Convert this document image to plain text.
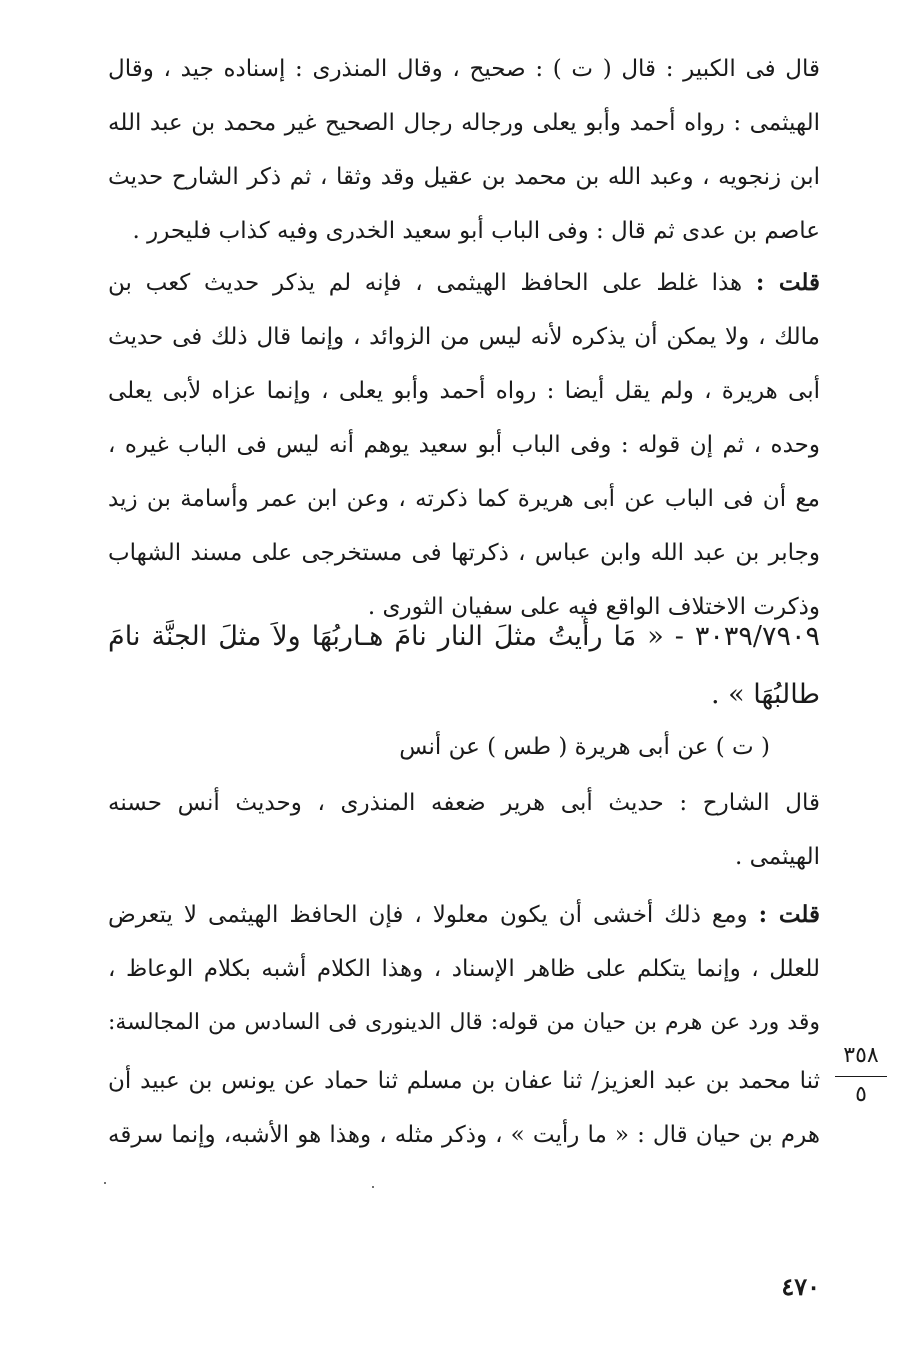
قال فى الكبير : قال ( ت ) : صحيح ، وقال المنذرى : إسناده جيد ، وقال
الهيثمى : رواه أحمد وأبو يعلى ورجاله رجال الصحيح غير محمد بن عبد الله
ابن زنجويه ، وعبد الله بن محمد بن عقيل وقد وثقا ، ثم ذكر الشارح حديث
عاصم بن عدى ثم قال : وفى الباب أبو سعيد الخدرى وفيه كذاب فليحرر .
قلت : هذا غلط على الحافظ الهيثمى ، فإنه لم يذكر حديث كعب بن
مالك ، ولا يمكن أن يذكره لأنه ليس من الزوائد ، وإنما قال ذلك فى حديث
أبى هريرة ، ولم يقل أيضا : رواه أحمد وأبو يعلى ، وإنما عزاه لأبى يعلى
وحده ، ثم إن قوله : وفى الباب أبو سعيد يوهم أنه ليس فى الباب غيره ،
مع أن فى الباب عن أبى هريرة كما ذكرته ، وعن ابن عمر وأسامة بن زيد
وجابر بن عبد الله وابن عباس ، ذكرتها فى مستخرجى على مسند الشهاب
وذكرت الاختلاف الواقع فيه على سفيان الثورى .
٣٠٣٩/٧٩٠٩ - « مَا رأيتُ مثلَ النار نامَ هـاربُهَا ولاَ مثلَ الجنَّة نامَ
طالبُهَا » .
( ت ) عن أبى هريرة ( طس ) عن أنس
قال الشارح : حديث أبى هرير ضعفه المنذرى ، وحديث أنس حسنه
الهيثمى .
قلت : ومع ذلك أخشى أن يكون معلولا ، فإن الحافظ الهيثمى لا يتعرض
للعلل ، وإنما يتكلم على ظاهر الإسناد ، وهذا الكلام أشبه بكلام الوعاظ ،
وقد ورد عن هرم بن حيان من قوله: قال الدينورى فى السادس من المجالسة:
ثنا محمد بن عبد العزيز/ ثنا عفان بن مسلم ثنا حماد عن يونس بن عبيد أن
هرم بن حيان قال : « ما رأيت » ، وذكر مثله ، وهذا هو الأشبه، وإنما سرقه
٣٥٨
٥
٤٧٠
